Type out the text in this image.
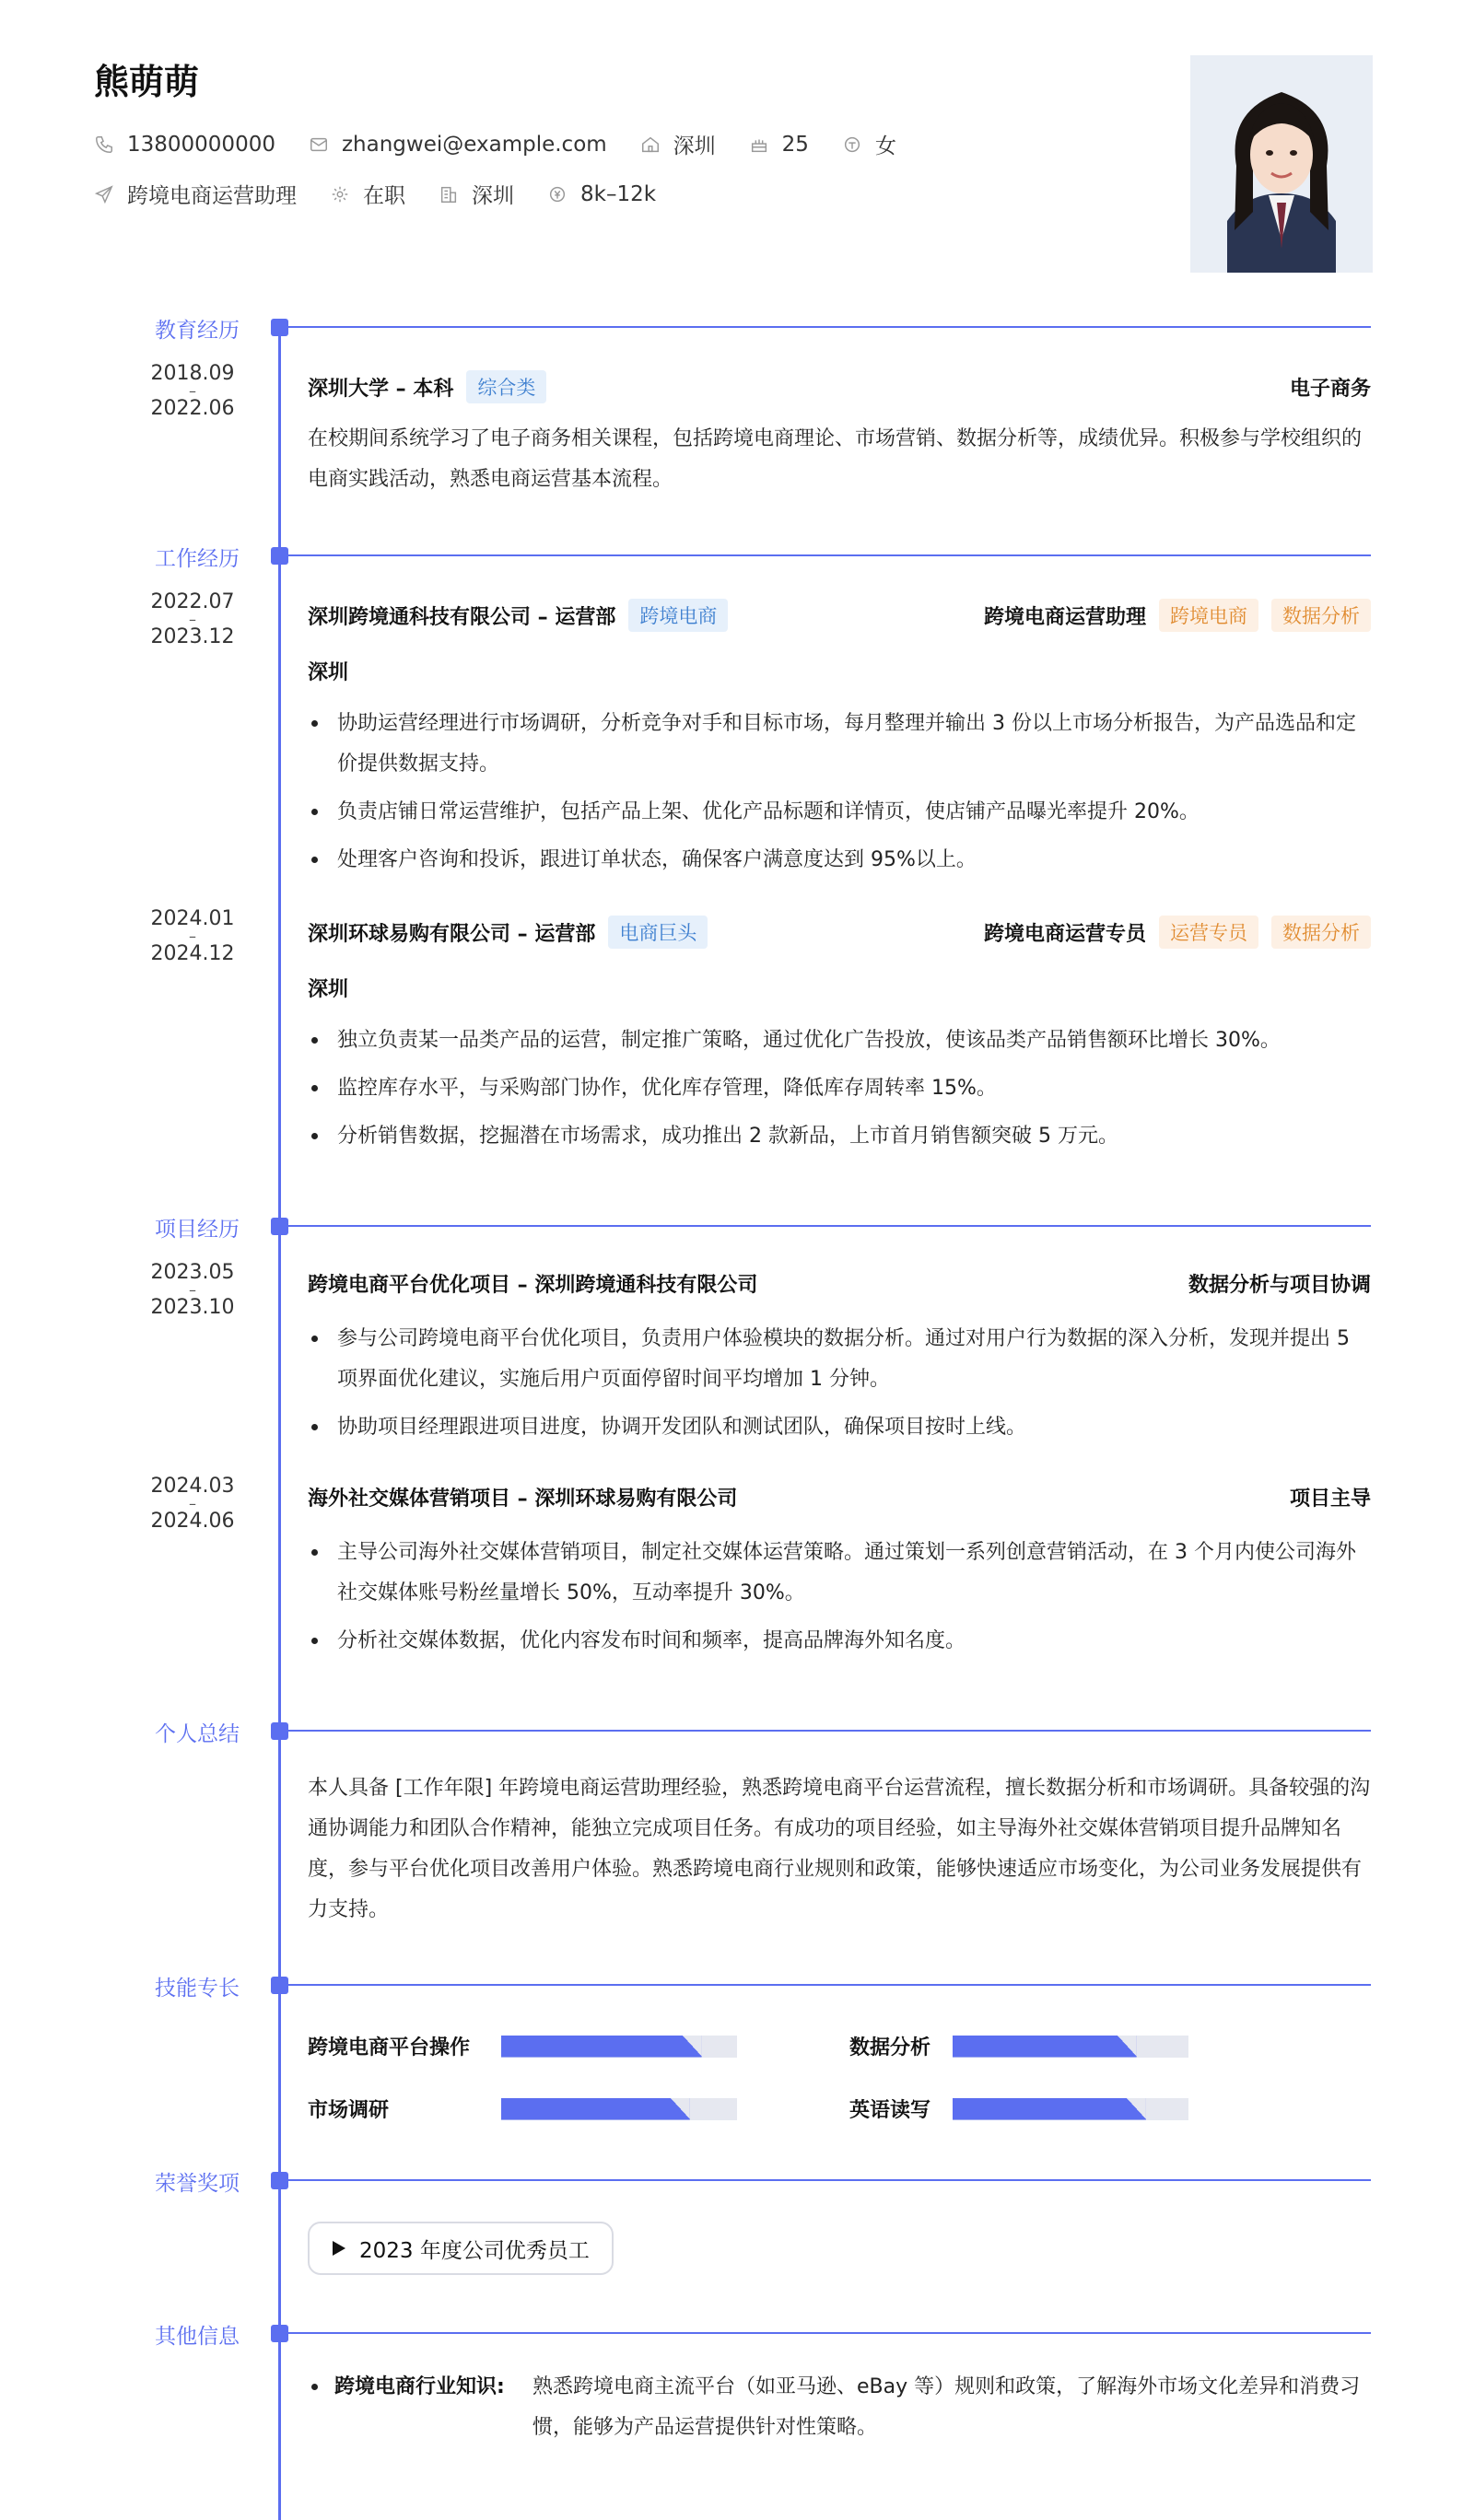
熊萌萌
13800000000	zhangwei@example.com	深圳	25	女
跨境电商运营助理	在职	深圳	8k–12k
教育经历
2018.09
–
2022.06
深圳大学 – 本科	综合类	电子商务
在校期间系统学习了电子商务相关课程，包括跨境电商理论、市场营销、数据分析等，成绩优异。积极参与学校组织的电商实践活动，熟悉电商运营基本流程。
工作经历
2022.07
–
2023.12
深圳跨境通科技有限公司 – 运营部	跨境电商	跨境电商运营助理	跨境电商	数据分析
深圳
协助运营经理进行市场调研，分析竞争对手和目标市场，每月整理并输出 3 份以上市场分析报告，为产品选品和定价提供数据支持。
负责店铺日常运营维护，包括产品上架、优化产品标题和详情页，使店铺产品曝光率提升 20%。
处理客户咨询和投诉，跟进订单状态，确保客户满意度达到 95%以上。
2024.01
–
2024.12
深圳环球易购有限公司 – 运营部	电商巨头	跨境电商运营专员	运营专员	数据分析
深圳
独立负责某一品类产品的运营，制定推广策略，通过优化广告投放，使该品类产品销售额环比增长 30%。
监控库存水平，与采购部门协作，优化库存管理，降低库存周转率 15%。
分析销售数据，挖掘潜在市场需求，成功推出 2 款新品，上市首月销售额突破 5 万元。
项目经历
2023.05
–
2023.10
跨境电商平台优化项目 – 深圳跨境通科技有限公司	数据分析与项目协调
参与公司跨境电商平台优化项目，负责用户体验模块的数据分析。通过对用户行为数据的深入分析，发现并提出 5 项界面优化建议，实施后用户页面停留时间平均增加 1 分钟。
协助项目经理跟进项目进度，协调开发团队和测试团队，确保项目按时上线。
2024.03
–
2024.06
海外社交媒体营销项目 – 深圳环球易购有限公司	项目主导
主导公司海外社交媒体营销项目，制定社交媒体运营策略。通过策划一系列创意营销活动，在 3 个月内使公司海外社交媒体账号粉丝量增长 50%，互动率提升 30%。
分析社交媒体数据，优化内容发布时间和频率，提高品牌海外知名度。
个人总结
本人具备 [工作年限] 年跨境电商运营助理经验，熟悉跨境电商平台运营流程，擅长数据分析和市场调研。具备较强的沟通协调能力和团队合作精神，能独立完成项目任务。有成功的项目经验，如主导海外社交媒体营销项目提升品牌知名度，参与平台优化项目改善用户体验。熟悉跨境电商行业规则和政策，能够快速适应市场变化，为公司业务发展提供有力支持。
技能专长
跨境电商平台操作	数据分析
市场调研	英语读写
荣誉奖项
2023 年度公司优秀员工
其他信息
跨境电商行业知识:	熟悉跨境电商主流平台（如亚马逊、eBay 等）规则和政策，了解海外市场文化差异和消费习惯，能够为产品运营提供针对性策略。
